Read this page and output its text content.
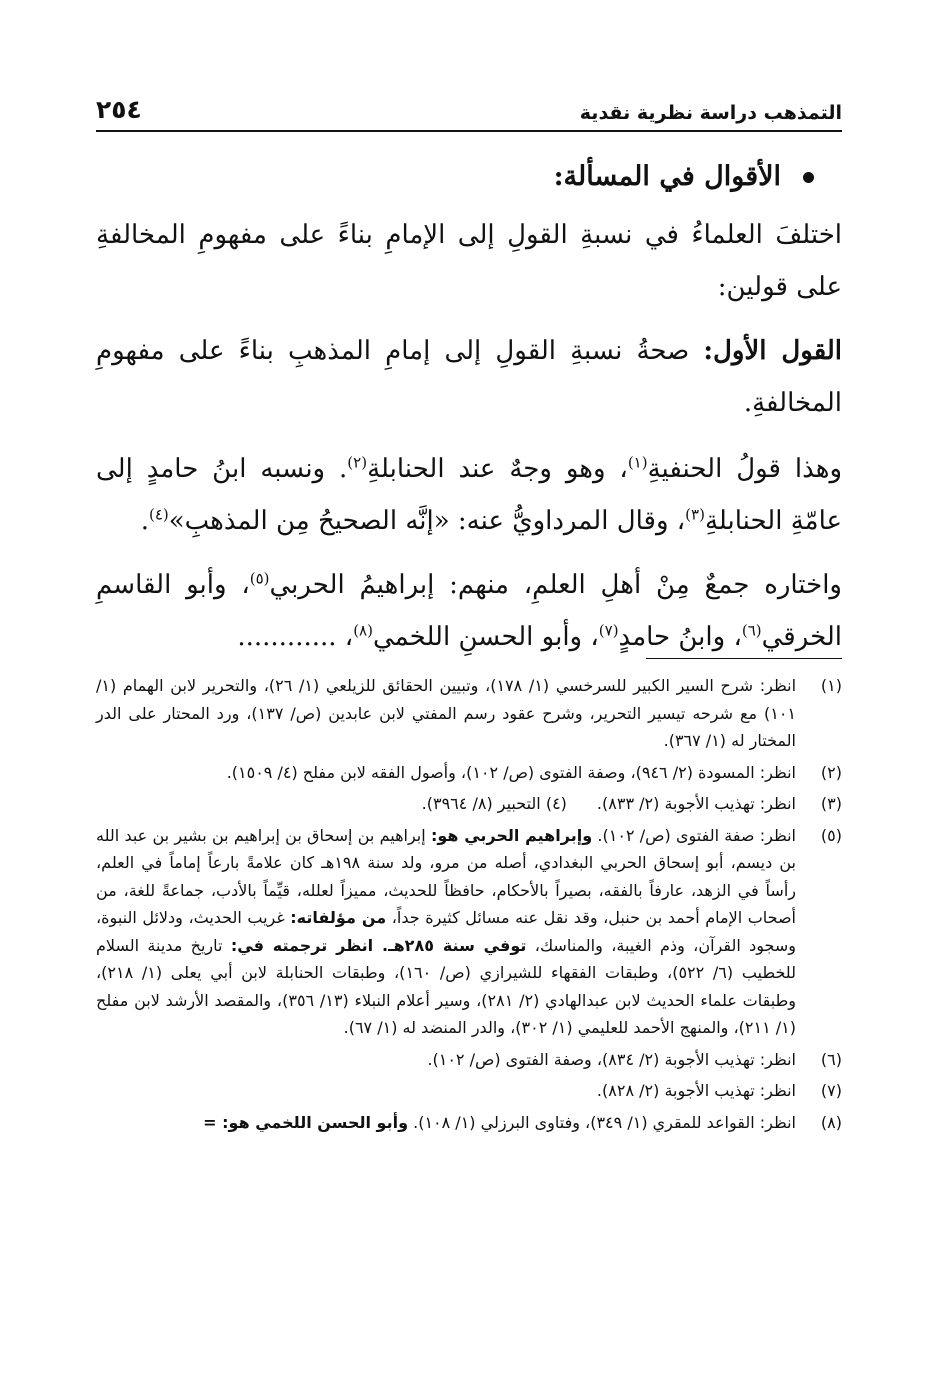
التمذهب دراسة نظرية نقدية
٢٥٤
الأقوال في المسألة:

اختلفَ العلماءُ في نسبةِ القولِ إلى الإمامِ بناءً على مفهومِ المخالفةِ على قولين:

القول الأول: صحةُ نسبةِ القولِ إلى إمامِ المذهبِ بناءً على مفهومِ المخالفةِ.

وهذا قولُ الحنفيةِ$^{(١)}$، وهو وجهٌ عند الحنابلةِ$^{(٢)}$. ونسبه ابنُ حامدٍ إلى عامّةِ الحنابلةِ$^{(٣)}$، وقال المرداويُّ عنه: «إنَّه الصحيحُ مِن المذهبِ»$^{(٤)}$.

واختاره جمعٌ مِنْ أهلِ العلمِ، منهم: إبراهيمُ الحربي$^{(٥)}$، وأبو القاسمِ الخرقي$^{(٦)}$، وابنُ حامدٍ$^{(٧)}$، وأبو الحسنِ اللخمي$^{(٨)}$، ............

(١)
انظر: شرح السير الكبير للسرخسي (١/ ١٧٨)، وتبيين الحقائق للزيلعي (١/ ٢٦)، والتحرير لابن الهمام (١/ ١٠١) مع شرحه تيسير التحرير، وشرح عقود رسم المفتي لابن عابدين (ص/ ١٣٧)، ورد المحتار على الدر المختار له (١/ ٣٦٧).
(٢)
انظر: المسودة (٢/ ٩٤٦)، وصفة الفتوى (ص/ ١٠٢)، وأصول الفقه لابن مفلح (٤/ ١٥٠٩).
(٣)
انظر: تهذيب الأجوبة (٢/ ٨٣٣).(٤) التحبير (٨/ ٣٩٦٤).
(٥)
انظر: صفة الفتوى (ص/ ١٠٢). وإبراهيم الحربي هو: إبراهيم بن إسحاق بن إبراهيم بن بشير بن عبد الله بن ديسم، أبو إسحاق الحربي البغدادي، أصله من مرو، ولد سنة ١٩٨هـ كان علامةً بارعاً إماماً في العلم، رأساً في الزهد، عارفاً بالفقه، بصيراً بالأحكام، حافظاً للحديث، مميزاً لعلله، قيِّماً بالأدب، جماعةً للغة، من أصحاب الإمام أحمد بن حنبل، وقد نقل عنه مسائل كثيرة جداً، من مؤلفاته: غريب الحديث، ودلائل النبوة، وسجود القرآن، وذم الغيبة، والمناسك، توفي سنة ٢٨٥هـ. انظر ترجمته في: تاريخ مدينة السلام للخطيب (٦/ ٥٢٢)، وطبقات الفقهاء للشيرازي (ص/ ١٦٠)، وطبقات الحنابلة لابن أبي يعلى (١/ ٢١٨)، وطبقات علماء الحديث لابن عبدالهادي (٢/ ٢٨١)، وسير أعلام النبلاء (١٣/ ٣٥٦)، والمقصد الأرشد لابن مفلح (١/ ٢١١)، والمنهج الأحمد للعليمي (١/ ٣٠٢)، والدر المنضد له (١/ ٦٧).
(٦)
انظر: تهذيب الأجوبة (٢/ ٨٣٤)، وصفة الفتوى (ص/ ١٠٢).
(٧)
انظر: تهذيب الأجوبة (٢/ ٨٢٨).
(٨)
انظر: القواعد للمقري (١/ ٣٤٩)، وفتاوى البرزلي (١/ ١٠٨). وأبو الحسن اللخمي هو: =
